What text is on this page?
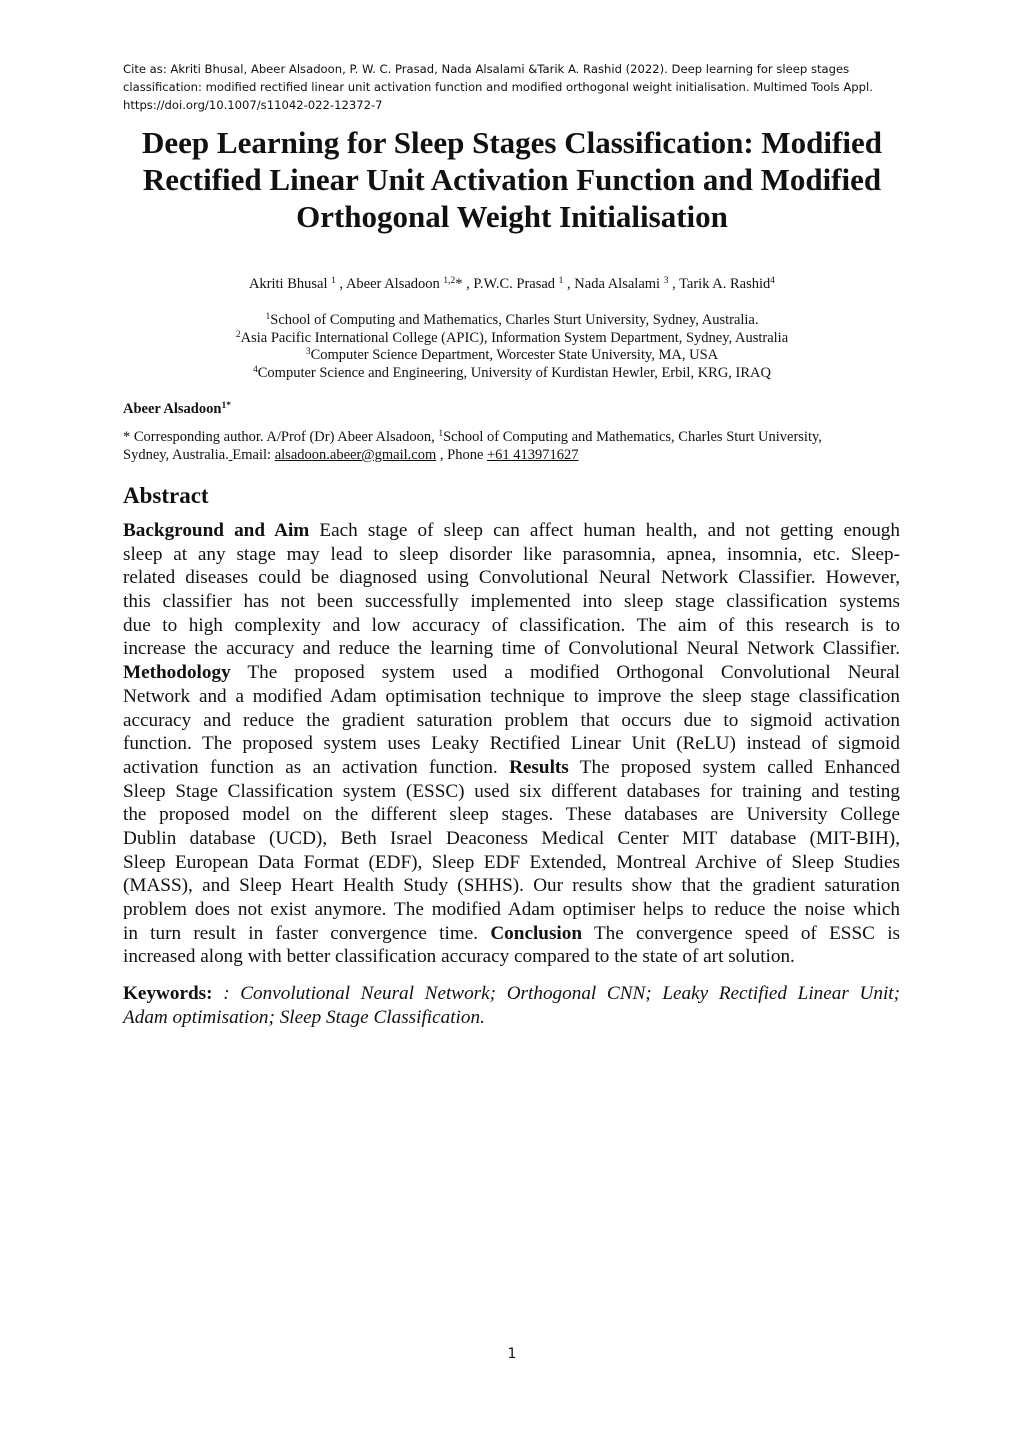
Cite as: Akriti Bhusal, Abeer Alsadoon, P. W. C. Prasad, Nada Alsalami &Tarik A. Rashid (2022). Deep learning for sleep stages
classification: modified rectified linear unit activation function and modified orthogonal weight initialisation. Multimed Tools Appl.
https://doi.org/10.1007/s11042-022-12372-7
Deep Learning for Sleep Stages Classification: Modified
Rectified Linear Unit Activation Function and Modified
Orthogonal Weight Initialisation
Akriti Bhusal $^1$ , Abeer Alsadoon $^{1,2}$* , P.W.C. Prasad $^1$ , Nada Alsalami $^3$ , Tarik A. Rashid$^4$
$^1$School of Computing and Mathematics, Charles Sturt University, Sydney, Australia.
$^2$Asia Pacific International College (APIC), Information System Department, Sydney, Australia
$^3$Computer Science Department, Worcester State University, MA, USA
$^4$Computer Science and Engineering, University of Kurdistan Hewler, Erbil, KRG, IRAQ
Abeer Alsadoon$^{1*}$
* Corresponding author. A/Prof (Dr) Abeer Alsadoon, $^1$School of Computing and Mathematics, Charles Sturt University,
Sydney, Australia. Email: alsadoon.abeer@gmail.com , Phone +61 413971627
Abstract
Background and Aim Each stage of sleep can affect human health, and not getting enough
sleep at any stage may lead to sleep disorder like parasomnia, apnea, insomnia, etc. Sleep-
related diseases could be diagnosed using Convolutional Neural Network Classifier. However,
this classifier has not been successfully implemented into sleep stage classification systems
due to high complexity and low accuracy of classification. The aim of this research is to
increase the accuracy and reduce the learning time of Convolutional Neural Network Classifier.
Methodology The proposed system used a modified Orthogonal Convolutional Neural
Network and a modified Adam optimisation technique to improve the sleep stage classification
accuracy and reduce the gradient saturation problem that occurs due to sigmoid activation
function. The proposed system uses Leaky Rectified Linear Unit (ReLU) instead of sigmoid
activation function as an activation function. Results The proposed system called Enhanced
Sleep Stage Classification system (ESSC) used six different databases for training and testing
the proposed model on the different sleep stages. These databases are University College
Dublin database (UCD), Beth Israel Deaconess Medical Center MIT database (MIT-BIH),
Sleep European Data Format (EDF), Sleep EDF Extended, Montreal Archive of Sleep Studies
(MASS), and Sleep Heart Health Study (SHHS). Our results show that the gradient saturation
problem does not exist anymore. The modified Adam optimiser helps to reduce the noise which
in turn result in faster convergence time. Conclusion The convergence speed of ESSC is
increased along with better classification accuracy compared to the state of art solution.
Keywords: : Convolutional Neural Network; Orthogonal CNN; Leaky Rectified Linear Unit;
Adam optimisation; Sleep Stage Classification.
1
